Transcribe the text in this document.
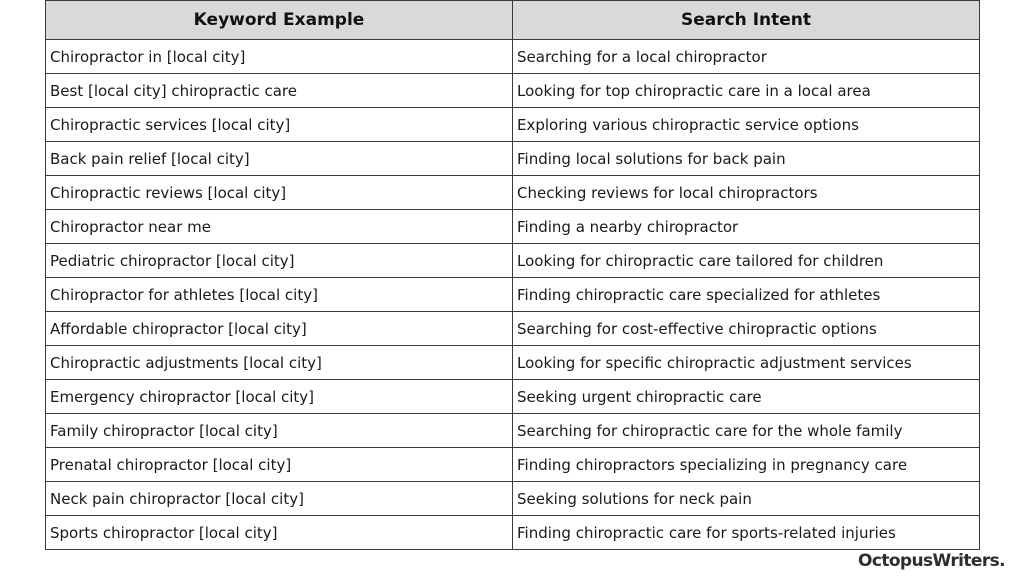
Keyword Example	Search Intent
Chiropractor in [local city]	Searching for a local chiropractor
Best [local city] chiropractic care	Looking for top chiropractic care in a local area
Chiropractic services [local city]	Exploring various chiropractic service options
Back pain relief [local city]	Finding local solutions for back pain
Chiropractic reviews [local city]	Checking reviews for local chiropractors
Chiropractor near me	Finding a nearby chiropractor
Pediatric chiropractor [local city]	Looking for chiropractic care tailored for children
Chiropractor for athletes [local city]	Finding chiropractic care specialized for athletes
Affordable chiropractor [local city]	Searching for cost-effective chiropractic options
Chiropractic adjustments [local city]	Looking for specific chiropractic adjustment services
Emergency chiropractor [local city]	Seeking urgent chiropractic care
Family chiropractor [local city]	Searching for chiropractic care for the whole family
Prenatal chiropractor [local city]	Finding chiropractors specializing in pregnancy care
Neck pain chiropractor [local city]	Seeking solutions for neck pain
Sports chiropractor [local city]	Finding chiropractic care for sports-related injuries
OctopusWriters.
